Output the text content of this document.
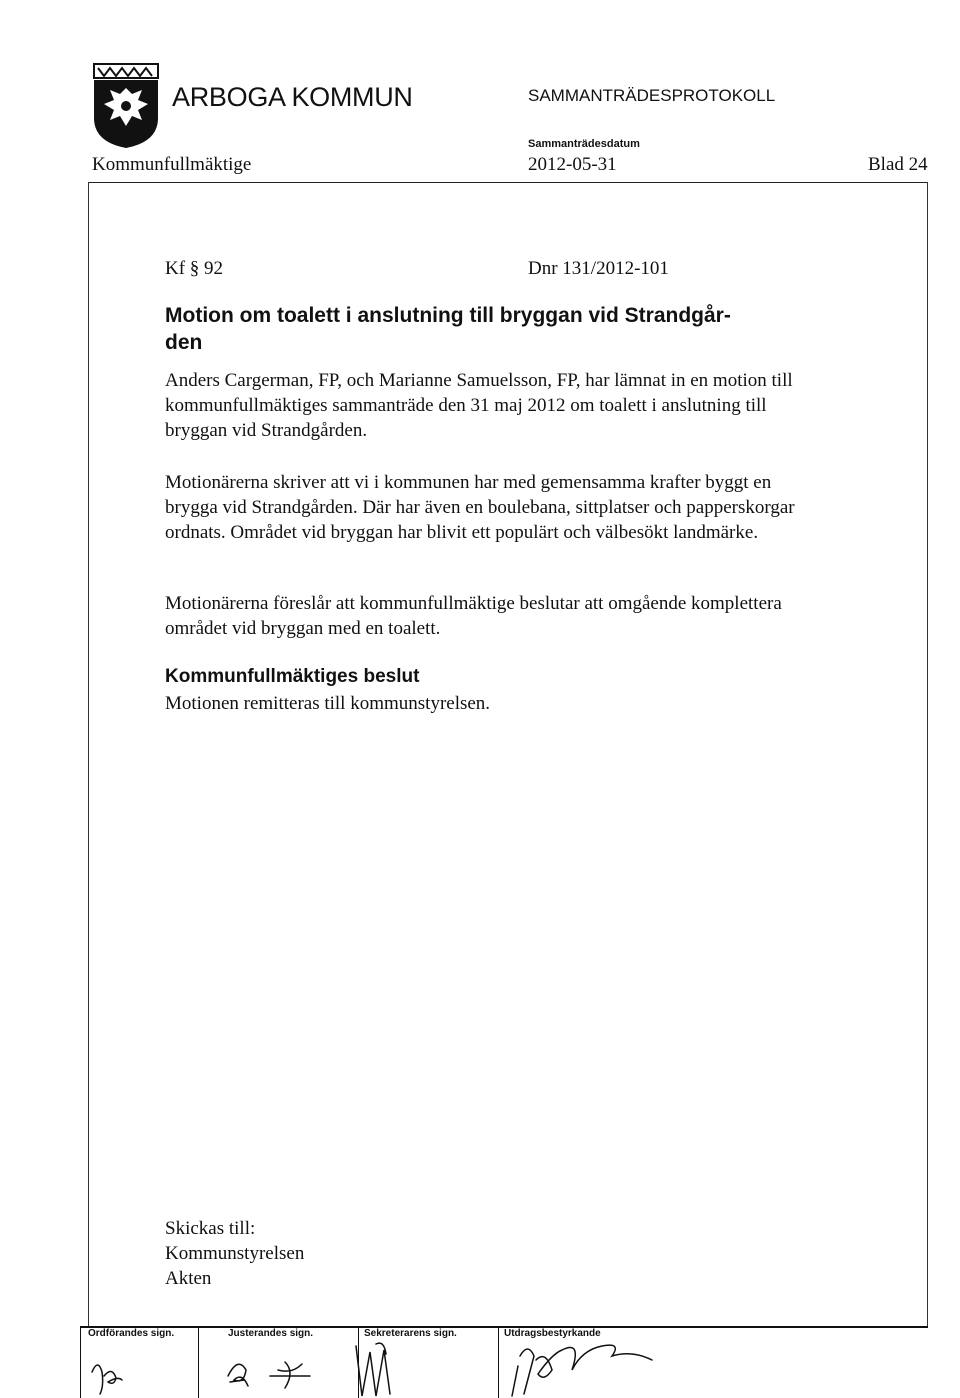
ARBOGA KOMMUN	SAMMANTRÄDESPROTOKOLL
Sammanträdesdatum
Kommunfullmäktige	2012-05-31	Blad 24
Kf § 92	Dnr 131/2012-101
Motion om toalett i anslutning till bryggan vid Strandgår-
den
Anders Cargerman, FP, och Marianne Samuelsson, FP, har lämnat in en motion till kommunfullmäktiges sammanträde den 31 maj 2012 om toalett i anslutning till bryggan vid Strandgården.
Motionärerna skriver att vi i kommunen har med gemensamma krafter byggt en brygga vid Strandgården. Där har även en boulebana, sittplatser och papperskorgar ordnats. Området vid bryggan har blivit ett populärt och välbesökt landmärke.
Motionärerna föreslår att kommunfullmäktige beslutar att omgående komplettera området vid bryggan med en toalett.
Kommunfullmäktiges beslut
Motionen remitteras till kommunstyrelsen.
Skickas till:
Kommunstyrelsen
Akten
Ordförandes sign.	Justerandes sign.	Sekreterarens sign.	Utdragsbestyrkande
